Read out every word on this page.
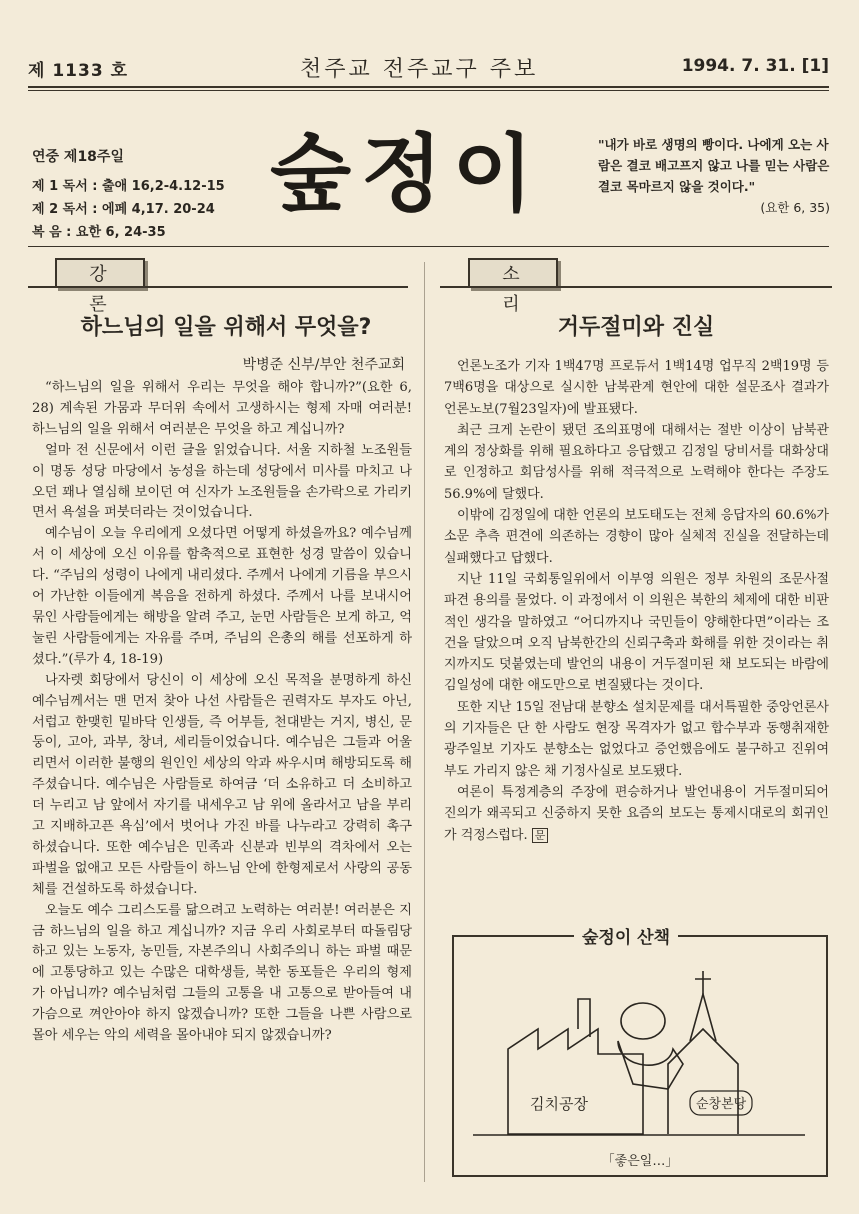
제 1133 호	천주교 전주교구 주보	1994. 7. 31. [1]
연중 제18주일
제 1 독서 : 출애 16,2-4.12-15
제 2 독서 : 에페 4,17. 20-24
복 음 : 요한 6, 24-35
숲정이	"내가 바로 생명의 빵이다. 나에게 오는 사람은 결코 배고프지 않고 나를 믿는 사람은 결코 목마르지 않을 것이다."
(요한 6, 35)
강 론
소 리
하느님의 일을 위해서 무엇을?
박병준 신부/부안 천주교회

“하느님의 일을 위해서 우리는 무엇을 해야 합니까?”(요한 6, 28) 계속된 가뭄과 무더위 속에서 고생하시는 형제 자매 여러분! 하느님의 일을 위해서 여러분은 무엇을 하고 계십니까?

얼마 전 신문에서 이런 글을 읽었습니다. 서울 지하철 노조원들이 명동 성당 마당에서 농성을 하는데 성당에서 미사를 마치고 나오던 꽤나 열심해 보이던 여 신자가 노조원들을 손가락으로 가리키면서 욕설을 퍼붓더라는 것이었습니다.

예수님이 오늘 우리에게 오셨다면 어떻게 하셨을까요? 예수님께서 이 세상에 오신 이유를 함축적으로 표현한 성경 말씀이 있습니다. “주님의 성령이 나에게 내리셨다. 주께서 나에게 기름을 부으시어 가난한 이들에게 복음을 전하게 하셨다. 주께서 나를 보내시어 묶인 사람들에게는 해방을 알려 주고, 눈먼 사람들은 보게 하고, 억눌린 사람들에게는 자유를 주며, 주님의 은총의 해를 선포하게 하셨다.”(루가 4, 18-19)

나자렛 회당에서 당신이 이 세상에 오신 목적을 분명하게 하신 예수님께서는 맨 먼저 찾아 나선 사람들은 권력자도 부자도 아닌, 서럽고 한맺힌 밑바닥 인생들, 즉 어부들, 천대받는 거지, 병신, 문둥이, 고아, 과부, 창녀, 세리들이었습니다. 예수님은 그들과 어울리면서 이러한 불행의 원인인 세상의 악과 싸우시며 해방되도록 해 주셨습니다. 예수님은 사람들로 하여금 ‘더 소유하고 더 소비하고 더 누리고 남 앞에서 자기를 내세우고 남 위에 올라서고 남을 부리고 지배하고픈 욕심’에서 벗어나 가진 바를 나누라고 강력히 촉구하셨습니다. 또한 예수님은 민족과 신분과 빈부의 격차에서 오는 파벌을 없애고 모든 사람들이 하느님 안에 한형제로서 사랑의 공동체를 건설하도록 하셨습니다.

오늘도 예수 그리스도를 닮으려고 노력하는 여러분! 여러분은 지금 하느님의 일을 하고 계십니까? 지금 우리 사회로부터 따돌림당하고 있는 노동자, 농민들, 자본주의니 사회주의니 하는 파벌 때문에 고통당하고 있는 수많은 대학생들, 북한 동포들은 우리의 형제가 아닙니까? 예수님처럼 그들의 고통을 내 고통으로 받아들여 내 가슴으로 껴안아야 하지 않겠습니까? 또한 그들을 나쁜 사람으로 몰아 세우는 악의 세력을 몰아내야 되지 않겠습니까?

거두절미와 진실

언론노조가 기자 1백47명 프로듀서 1백14명 업무직 2백19명 등 7백6명을 대상으로 실시한 남북관계 현안에 대한 설문조사 결과가 언론노보(7월23일자)에 발표됐다.

최근 크게 논란이 됐던 조의표명에 대해서는 절반 이상이 남북관계의 정상화를 위해 필요하다고 응답했고 김정일 당비서를 대화상대로 인정하고 회담성사를 위해 적극적으로 노력해야 한다는 주장도 56.9%에 달했다.

이밖에 김정일에 대한 언론의 보도태도는 전체 응답자의 60.6%가 소문 추측 편견에 의존하는 경향이 많아 실체적 진실을 전달하는데 실패했다고 답했다.

지난 11일 국회통일위에서 이부영 의원은 정부 차원의 조문사절 파견 용의를 물었다. 이 과정에서 이 의원은 북한의 체제에 대한 비판적인 생각을 말하였고 “어디까지나 국민들이 양해한다면”이라는 조건을 달았으며 오직 남북한간의 신뢰구축과 화해를 위한 것이라는 취지까지도 덧붙였는데 발언의 내용이 거두절미된 채 보도되는 바람에 김일성에 대한 애도만으로 변질됐다는 것이다.

또한 지난 15일 전남대 분향소 설치문제를 대서특필한 중앙언론사의 기자들은 단 한 사람도 현장 목격자가 없고 합수부과 동행취재한 광주일보 기자도 분향소는 없었다고 증언했음에도 불구하고 진위여부도 가리지 않은 채 기정사실로 보도됐다.

여론이 특정계층의 주장에 편승하거나 발언내용이 거두절미되어 진의가 왜곡되고 신중하지 못한 요즘의 보도는 통제시대로의 회귀인가 걱정스럽다. 문

숲정이 산책
김치공장	순창본당
「좋은일…」
